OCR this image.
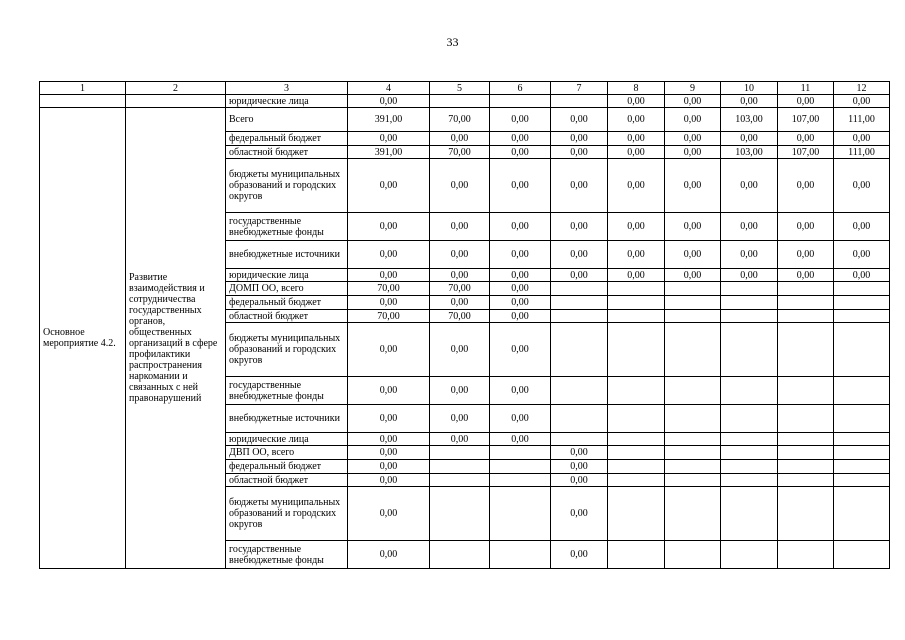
33
1	2	3	4	5	6	7	8	9	10	11	12
		юридические лица	0,00				0,00	0,00	0,00	0,00	0,00
Основное мероприятие 4.2.	Развитие взаимодействия и сотрудничества государственных органов, общественных организаций в сфере профилактики распространения наркомании и связанных с ней правонарушений	Всего	391,00	70,00	0,00	0,00	0,00	0,00	103,00	107,00	111,00
		федеральный бюджет	0,00	0,00	0,00	0,00	0,00	0,00	0,00	0,00	0,00
		областной бюджет	391,00	70,00	0,00	0,00	0,00	0,00	103,00	107,00	111,00
		бюджеты муниципальных образований и городских округов	0,00	0,00	0,00	0,00	0,00	0,00	0,00	0,00	0,00
		государственные внебюджетные фонды	0,00	0,00	0,00	0,00	0,00	0,00	0,00	0,00	0,00
		внебюджетные источники	0,00	0,00	0,00	0,00	0,00	0,00	0,00	0,00	0,00
		юридические лица	0,00	0,00	0,00	0,00	0,00	0,00	0,00	0,00	0,00
		ДОМП ОО, всего	70,00	70,00	0,00						
		федеральный бюджет	0,00	0,00	0,00						
		областной бюджет	70,00	70,00	0,00						
		бюджеты муниципальных образований и городских округов	0,00	0,00	0,00						
		государственные внебюджетные фонды	0,00	0,00	0,00						
		внебюджетные источники	0,00	0,00	0,00						
		юридические лица	0,00	0,00	0,00						
		ДВП ОО, всего	0,00			0,00					
		федеральный бюджет	0,00			0,00					
		областной бюджет	0,00			0,00					
		бюджеты муниципальных образований и городских округов	0,00			0,00					
		государственные внебюджетные фонды	0,00			0,00					
